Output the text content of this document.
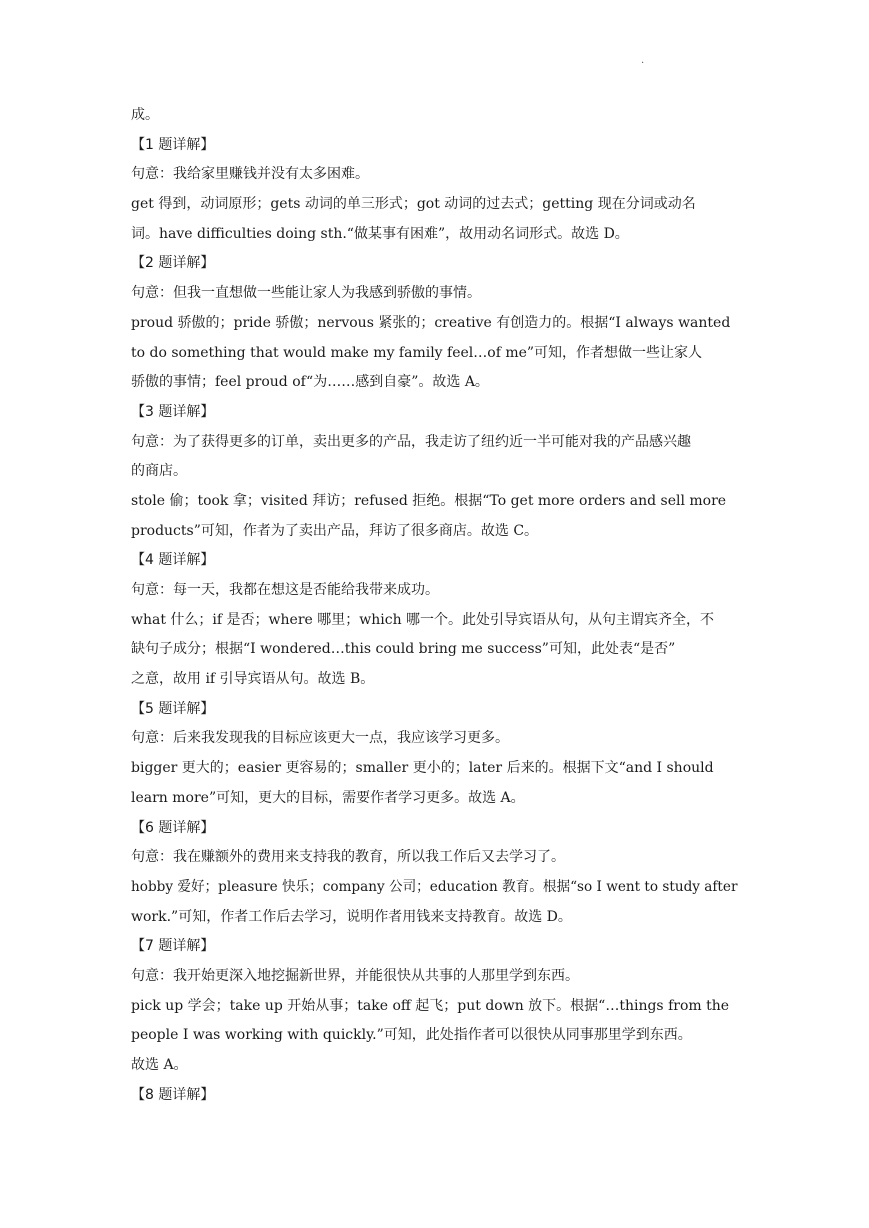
.
成。
【1 题详解】
句意：我给家里赚钱并没有太多困难。
get 得到，动词原形；gets 动词的单三形式；got 动词的过去式；getting 现在分词或动名
词。have difficulties doing sth.“做某事有困难”，故用动名词形式。故选 D。
【2 题详解】
句意：但我一直想做一些能让家人为我感到骄傲的事情。
proud 骄傲的；pride 骄傲；nervous 紧张的；creative 有创造力的。根据“I always wanted
to do something that would make my family feel…of me”可知，作者想做一些让家人
骄傲的事情；feel proud of“为……感到自豪”。故选 A。
【3 题详解】
句意：为了获得更多的订单，卖出更多的产品，我走访了纽约近一半可能对我的产品感兴趣
的商店。
stole 偷；took 拿；visited 拜访；refused 拒绝。根据“To get more orders and sell more
products”可知，作者为了卖出产品，拜访了很多商店。故选 C。
【4 题详解】
句意：每一天，我都在想这是否能给我带来成功。
what 什么；if 是否；where 哪里；which 哪一个。此处引导宾语从句，从句主谓宾齐全，不
缺句子成分；根据“I wondered…this could bring me success”可知，此处表“是否”
之意，故用 if 引导宾语从句。故选 B。
【5 题详解】
句意：后来我发现我的目标应该更大一点，我应该学习更多。
bigger 更大的；easier 更容易的；smaller 更小的；later 后来的。根据下文“and I should
learn more”可知，更大的目标，需要作者学习更多。故选 A。
【6 题详解】
句意：我在赚额外的费用来支持我的教育，所以我工作后又去学习了。
hobby 爱好；pleasure 快乐；company 公司；education 教育。根据“so I went to study after
work.”可知，作者工作后去学习，说明作者用钱来支持教育。故选 D。
【7 题详解】
句意：我开始更深入地挖掘新世界，并能很快从共事的人那里学到东西。
pick up 学会；take up 开始从事；take off 起飞；put down 放下。根据“…things from the
people I was working with quickly.”可知，此处指作者可以很快从同事那里学到东西。
故选 A。
【8 题详解】
